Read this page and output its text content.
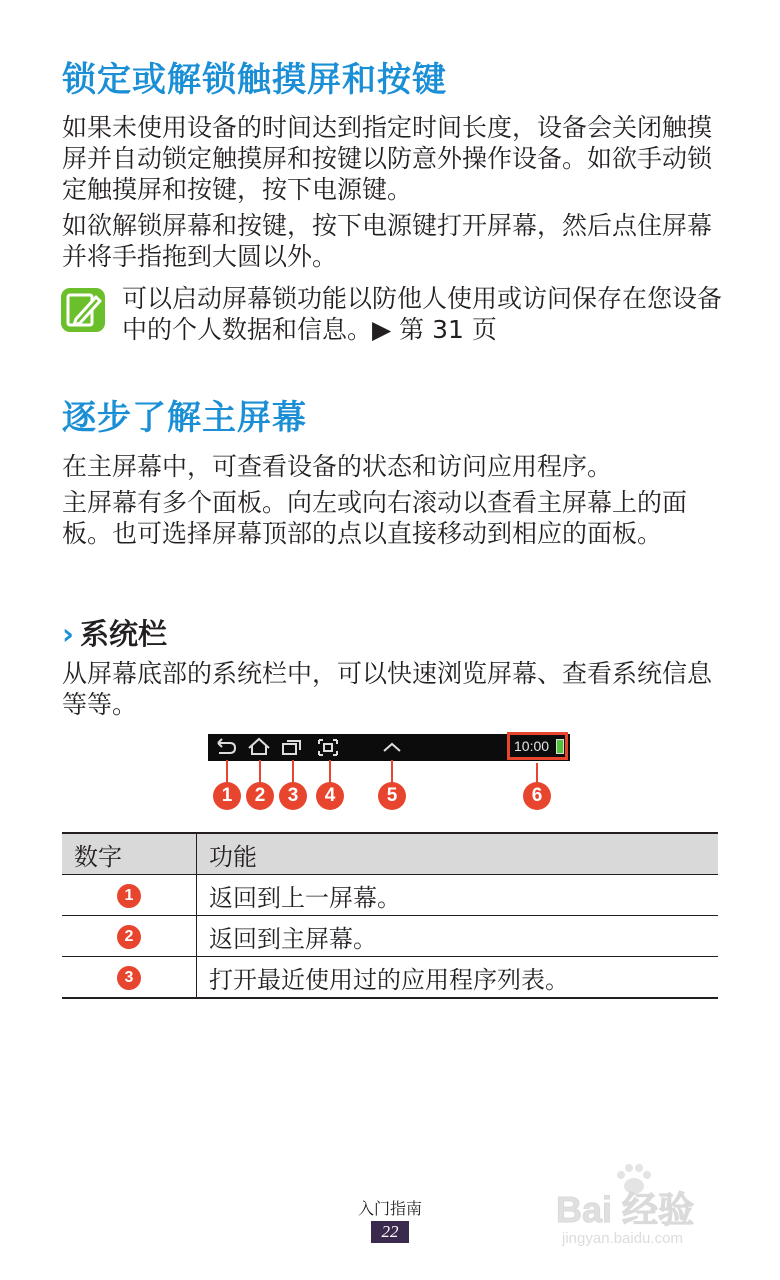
锁定或解锁触摸屏和按键

如果未使用设备的时间达到指定时间长度，设备会关闭触摸屏并自动锁定触摸屏和按键以防意外操作设备。如欲手动锁定触摸屏和按键，按下电源键。

如欲解锁屏幕和按键，按下电源键打开屏幕，然后点住屏幕并将手指拖到大圆以外。

可以启动屏幕锁功能以防他人使用或访问保存在您设备中的个人数据和信息。▶ 第 31 页

逐步了解主屏幕

在主屏幕中，可查看设备的状态和访问应用程序。

主屏幕有多个面板。向左或向右滚动以查看主屏幕上的面板。也可选择屏幕顶部的点以直接移动到相应的面板。

› 系统栏

从屏幕底部的系统栏中，可以快速浏览屏幕、查看系统信息等等。

10:00
1	2	3	4	5	6
数字	功能
1	返回到上一屏幕。
2	返回到主屏幕。
3	打开最近使用过的应用程序列表。
入门指南
22
Bai 经验
jingyan.baidu.com
